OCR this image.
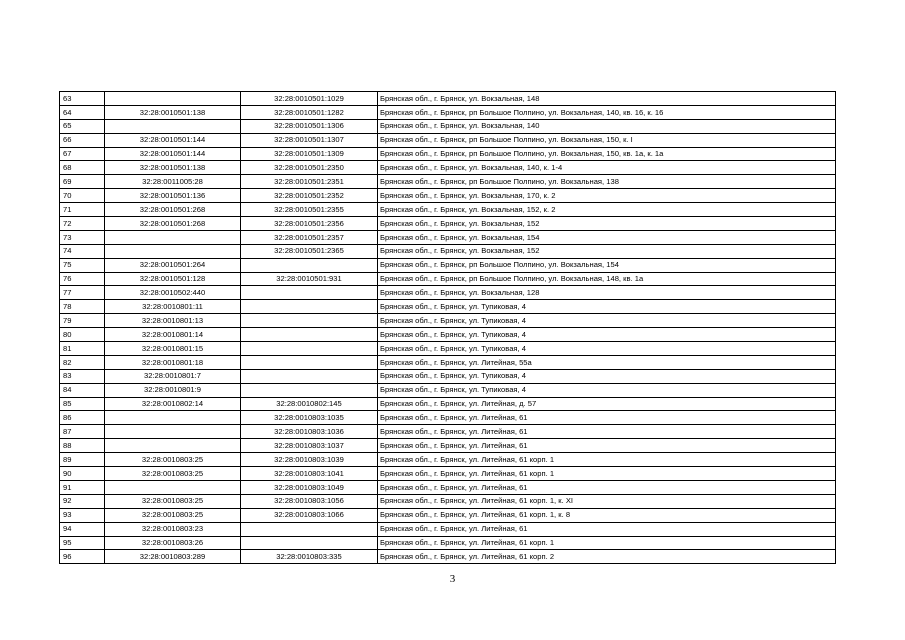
63		32:28:0010501:1029	Брянская обл., г. Брянск, ул. Вокзальная, 148
64	32:28:0010501:138	32:28:0010501:1282	Брянская обл., г. Брянск, рп Большое Полпино, ул. Вокзальная, 140, кв. 16, к. 16
65		32:28:0010501:1306	Брянская обл., г. Брянск, ул. Вокзальная, 140
66	32:28:0010501:144	32:28:0010501:1307	Брянская обл., г. Брянск, рп Большое Полпино, ул. Вокзальная, 150, к. I
67	32:28:0010501:144	32:28:0010501:1309	Брянская обл., г. Брянск, рп Большое Полпино, ул. Вокзальная, 150, кв. 1а, к. 1а
68	32:28:0010501:138	32:28:0010501:2350	Брянская обл., г. Брянск, ул. Вокзальная, 140, к. 1-4
69	32:28:0011005:28	32:28:0010501:2351	Брянская обл., г. Брянск, рп Большое Полпино, ул. Вокзальная, 138
70	32:28:0010501:136	32:28:0010501:2352	Брянская обл., г. Брянск, ул. Вокзальная, 170, к. 2
71	32:28:0010501:268	32:28:0010501:2355	Брянская обл., г. Брянск, ул. Вокзальная, 152, к. 2
72	32:28:0010501:268	32:28:0010501:2356	Брянская обл., г. Брянск, ул. Вокзальная, 152
73		32:28:0010501:2357	Брянская обл., г. Брянск, ул. Вокзальная, 154
74		32:28:0010501:2365	Брянская обл., г. Брянск, ул. Вокзальная, 152
75	32:28:0010501:264		Брянская обл., г. Брянск, рп Большое Полпино, ул. Вокзальная, 154
76	32:28:0010501:128	32:28:0010501:931	Брянская обл., г. Брянск, рп Большое Полпино, ул. Вокзальная, 148, кв. 1а
77	32:28:0010502:440		Брянская обл., г. Брянск, ул. Вокзальная, 128
78	32:28:0010801:11		Брянская обл., г. Брянск, ул. Тупиковая, 4
79	32:28:0010801:13		Брянская обл., г. Брянск, ул. Тупиковая, 4
80	32:28:0010801:14		Брянская обл., г. Брянск, ул. Тупиковая, 4
81	32:28:0010801:15		Брянская обл., г. Брянск, ул. Тупиковая, 4
82	32:28:0010801:18		Брянская обл., г. Брянск, ул. Литейная, 55а
83	32:28:0010801:7		Брянская обл., г. Брянск, ул. Тупиковая, 4
84	32:28:0010801:9		Брянская обл., г. Брянск, ул. Тупиковая, 4
85	32:28:0010802:14	32:28:0010802:145	Брянская обл., г. Брянск, ул. Литейная, д. 57
86		32:28:0010803:1035	Брянская обл., г. Брянск, ул. Литейная, 61
87		32:28:0010803:1036	Брянская обл., г. Брянск, ул. Литейная, 61
88		32:28:0010803:1037	Брянская обл., г. Брянск, ул. Литейная, 61
89	32:28:0010803:25	32:28:0010803:1039	Брянская обл., г. Брянск, ул. Литейная, 61 корп. 1
90	32:28:0010803:25	32:28:0010803:1041	Брянская обл., г. Брянск, ул. Литейная, 61 корп. 1
91		32:28:0010803:1049	Брянская обл., г. Брянск, ул. Литейная, 61
92	32:28:0010803:25	32:28:0010803:1056	Брянская обл., г. Брянск, ул. Литейная, 61 корп. 1, к. XI
93	32:28:0010803:25	32:28:0010803:1066	Брянская обл., г. Брянск, ул. Литейная, 61 корп. 1, к. 8
94	32:28:0010803:23		Брянская обл., г. Брянск, ул. Литейная, 61
95	32:28:0010803:26		Брянская обл., г. Брянск, ул. Литейная, 61 корп. 1
96	32:28:0010803:289	32:28:0010803:335	Брянская обл., г. Брянск, ул. Литейная, 61 корп. 2
3
